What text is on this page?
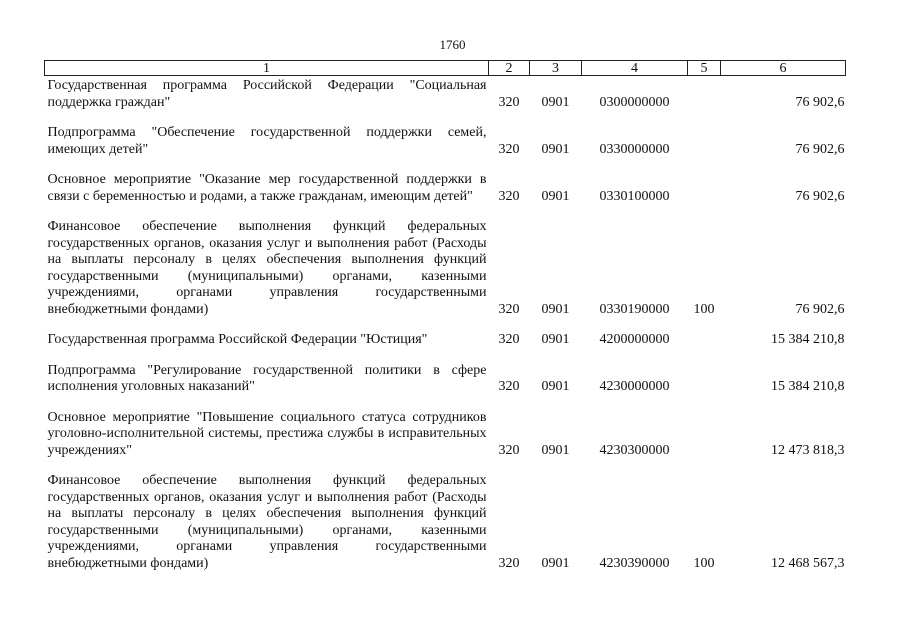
1760
1	2	3	4	5	6
Государственная программа Российской Федерации "Социальная поддержка граждан"	320	0901	0300000000		76 902,6

Подпрограмма "Обеспечение государственной поддержки семей, имеющих детей"	320	0901	0330000000		76 902,6

Основное мероприятие "Оказание мер государственной поддержки в связи с беременностью и родами, а также гражданам, имеющим детей"	320	0901	0330100000		76 902,6

Финансовое обеспечение выполнения функций федеральных государственных органов, оказания услуг и выполнения работ (Расходы на выплаты персоналу в целях обеспечения выполнения функций государственными (муниципальными) органами, казенными учреждениями, органами управления государственными внебюджетными фондами)	320	0901	0330190000	100	76 902,6

Государственная программа Российской Федерации "Юстиция"	320	0901	4200000000		15 384 210,8

Подпрограмма "Регулирование государственной политики в сфере исполнения уголовных наказаний"	320	0901	4230000000		15 384 210,8

Основное мероприятие "Повышение социального статуса сотрудников уголовно-исполнительной системы, престижа службы в исправительных учреждениях"	320	0901	4230300000		12 473 818,3

Финансовое обеспечение выполнения функций федеральных государственных органов, оказания услуг и выполнения работ (Расходы на выплаты персоналу в целях обеспечения выполнения функций государственными (муниципальными) органами, казенными учреждениями, органами управления государственными внебюджетными фондами)	320	0901	4230390000	100	12 468 567,3
